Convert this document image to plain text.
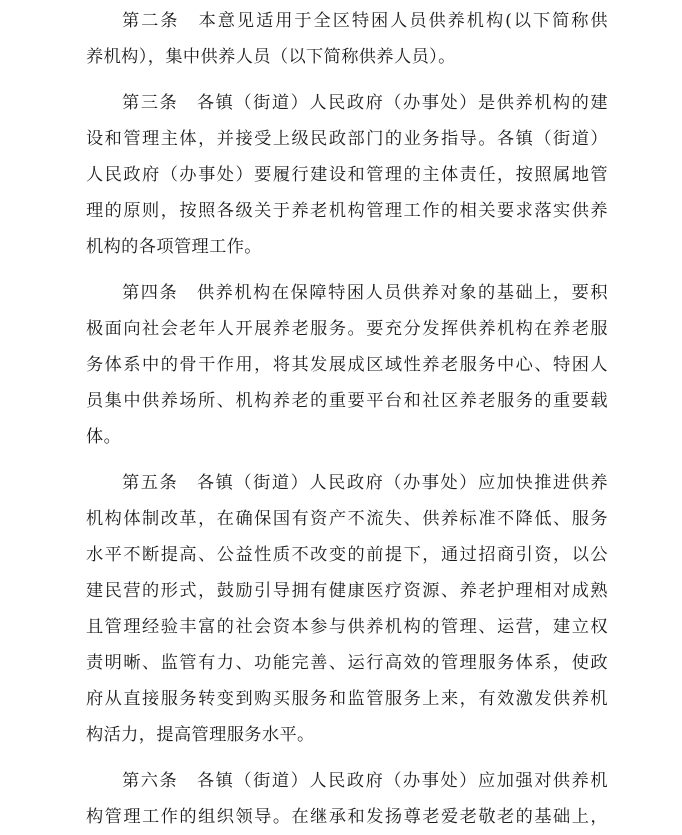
第二条　本意见适用于全区特困人员供养机构(以下简称供
养机构），集中供养人员（以下简称供养人员）。
第三条　各镇（街道）人民政府（办事处）是供养机构的建
设和管理主体，并接受上级民政部门的业务指导。各镇（街道）
人民政府（办事处）要履行建设和管理的主体责任，按照属地管
理的原则，按照各级关于养老机构管理工作的相关要求落实供养
机构的各项管理工作。
第四条　供养机构在保障特困人员供养对象的基础上，要积
极面向社会老年人开展养老服务。要充分发挥供养机构在养老服
务体系中的骨干作用，将其发展成区域性养老服务中心、特困人
员集中供养场所、机构养老的重要平台和社区养老服务的重要载
体。
第五条　各镇（街道）人民政府（办事处）应加快推进供养
机构体制改革，在确保国有资产不流失、供养标准不降低、服务
水平不断提高、公益性质不改变的前提下，通过招商引资，以公
建民营的形式，鼓励引导拥有健康医疗资源、养老护理相对成熟
且管理经验丰富的社会资本参与供养机构的管理、运营，建立权
责明晰、监管有力、功能完善、运行高效的管理服务体系，使政
府从直接服务转变到购买服务和监管服务上来，有效激发供养机
构活力，提高管理服务水平。
第六条　各镇（街道）人民政府（办事处）应加强对供养机
构管理工作的组织领导。在继承和发扬尊老爱老敬老的基础上，
